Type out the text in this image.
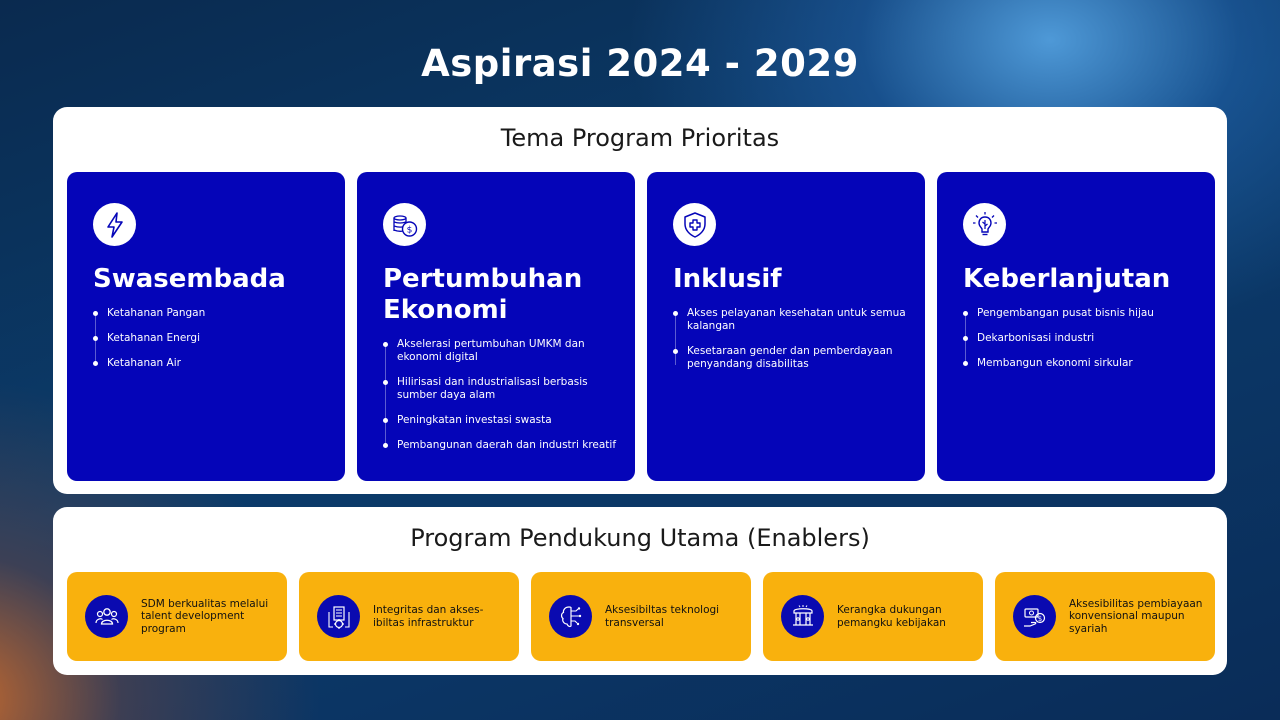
Aspirasi 2024 - 2029
Tema Program Prioritas
Swasembada
Ketahanan Pangan
Ketahanan Energi
Ketahanan Air
$
Pertumbuhan Ekonomi
Akselerasi pertumbuhan UMKM dan ekonomi digital
Hilirisasi dan industrialisasi berbasis sumber daya alam
Peningkatan investasi swasta
Pembangunan daerah dan industri kreatif
Inklusif
Akses pelayanan kesehatan untuk semua kalangan
Kesetaraan gender dan pemberdayaan penyandang disabilitas
Keberlanjutan
Pengembangan pusat bisnis hijau
Dekarbonisasi industri
Membangun ekonomi sirkular
Program Pendukung Utama (Enablers)
SDM berkualitas melalui talent development program
Integritas dan akses-ibiltas infrastruktur
Aksesibiltas teknologi transversal
Kerangka dukungan pemangku kebijakan	$
Aksesibilitas pembiayaan konvensional maupun syariah
